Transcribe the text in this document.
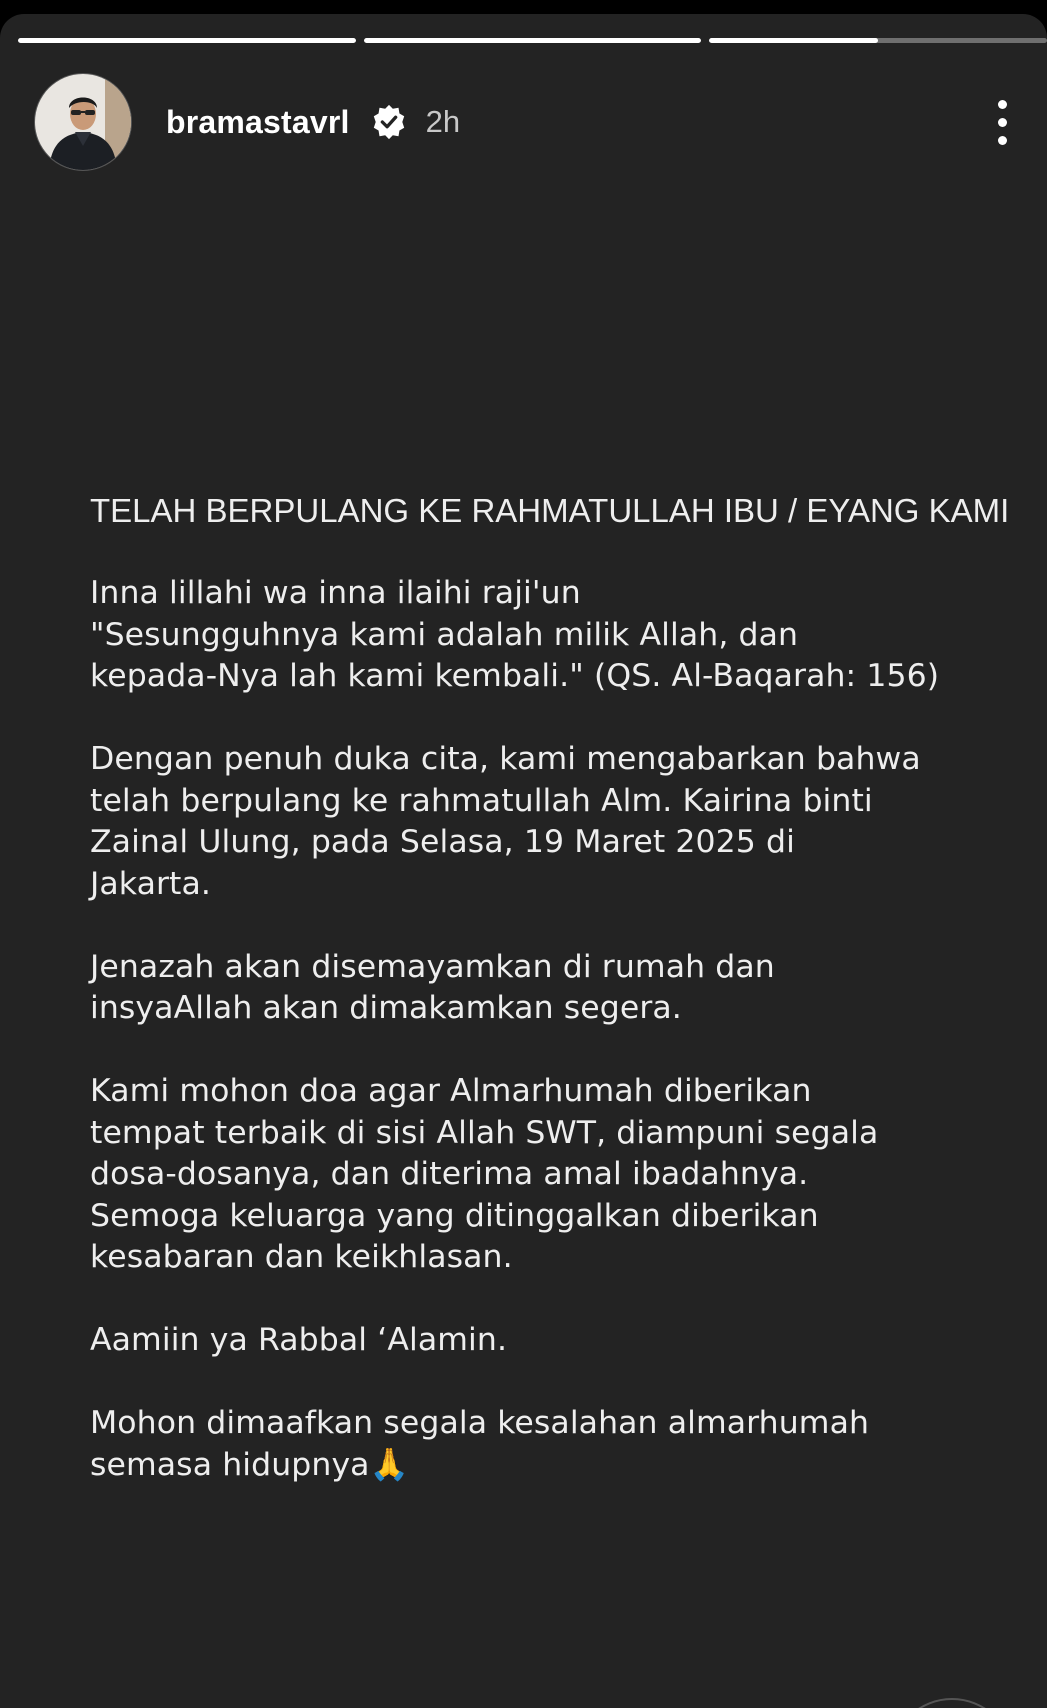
bramastavrl 2h

TELAH BERPULANG KE RAHMATULLAH IBU / EYANG KAMI

Inna lillahi wa inna ilaihi raji'un
"Sesungguhnya kami adalah milik Allah, dan
kepada-Nya lah kami kembali." (QS. Al-Baqarah: 156)

Dengan penuh duka cita, kami mengabarkan bahwa
telah berpulang ke rahmatullah Alm. Kairina binti
Zainal Ulung, pada Selasa, 19 Maret 2025 di
Jakarta.

Jenazah akan disemayamkan di rumah dan
insyaAllah akan dimakamkan segera.

Kami mohon doa agar Almarhumah diberikan
tempat terbaik di sisi Allah SWT, diampuni segala
dosa-dosanya, dan diterima amal ibadahnya.
Semoga keluarga yang ditinggalkan diberikan
kesabaran dan keikhlasan.

Aamiin ya Rabbal ‘Alamin.

Mohon dimaafkan segala kesalahan almarhumah
semasa hidupnya🙏
